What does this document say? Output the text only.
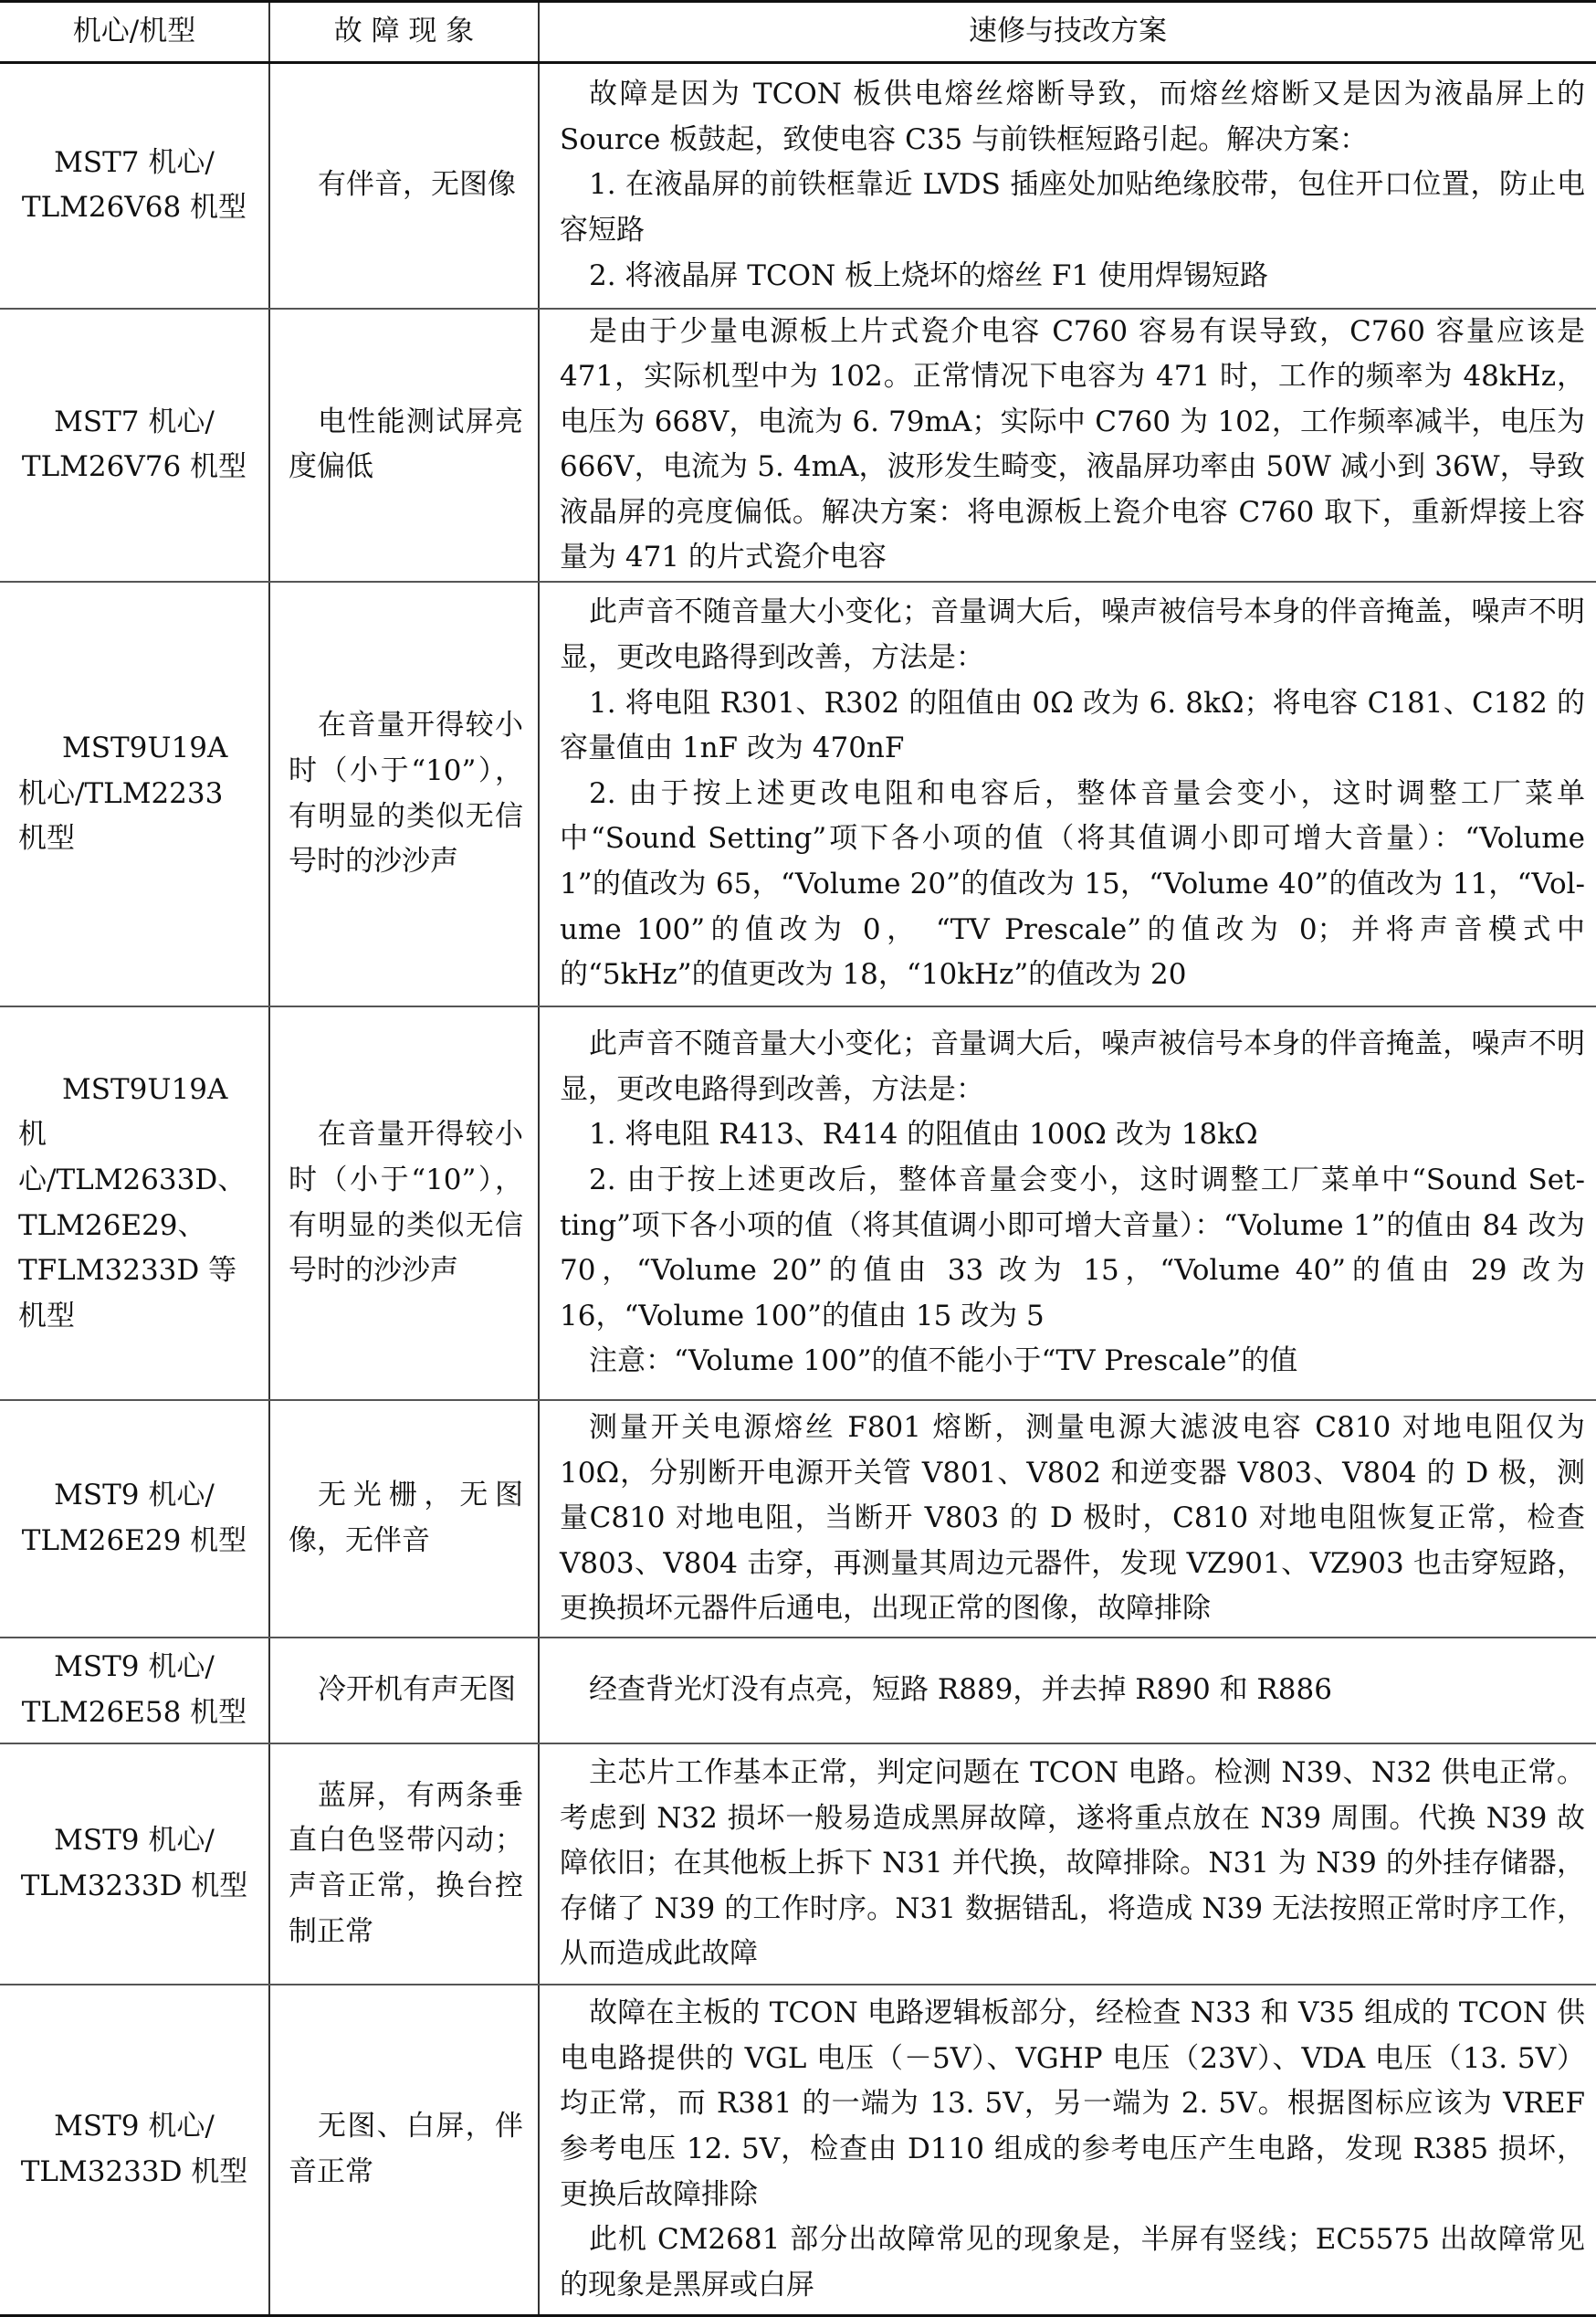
机心/机型	故 障 现 象	速修与技改方案

MST7 机心/
TLM26V68 机型	有伴音，无图像	故障是因为 TCON 板供电熔丝熔断导致，而熔丝熔断又是因为液晶屏上的Source 板鼓起，致使电容 C35 与前铁框短路引起。解决方案：
1. 在液晶屏的前铁框靠近 LVDS 插座处加贴绝缘胶带，包住开口位置，防止电容短路
2. 将液晶屏 TCON 板上烧坏的熔丝 F1 使用焊锡短路

MST7 机心/
TLM26V76 机型	电性能测试屏亮度偏低	是由于少量电源板上片式瓷介电容 C760 容易有误导致，C760 容量应该是471，实际机型中为 102。正常情况下电容为 471 时，工作的频率为 48kHz，电压为 668V，电流为 6. 79mA；实际中 C760 为 102，工作频率减半，电压为666V，电流为 5. 4mA，波形发生畸变，液晶屏功率由 50W 减小到 36W，导致液晶屏的亮度偏低。解决方案：将电源板上瓷介电容 C760 取下，重新焊接上容量为 471 的片式瓷介电容

MST9U19A 机心/TLM2233 机型	在音量开得较小时（小于“10”），有明显的类似无信号时的沙沙声	此声音不随音量大小变化；音量调大后，噪声被信号本身的伴音掩盖，噪声不明显，更改电路得到改善，方法是：
1. 将电阻 R301、R302 的阻值由 0Ω 改为 6. 8kΩ；将电容 C181、C182 的容量值由 1nF 改为 470nF
2. 由于按上述更改电阻和电容后，整体音量会变小，这时调整工厂菜单中“Sound Setting”项下各小项的值（将其值调小即可增大音量）：“Volume 1”的值改为 65，“Volume 20”的值改为 15，“Volume 40”的值改为 11，“Vol-ume 100”的值改为 0， “TV Prescale”的值改为 0；并将声音模式中的“5kHz”的值更改为 18，“10kHz”的值改为 20

MST9U19A 机心/TLM2633D、TLM26E29、TFLM3233D 等机型	在音量开得较小时（小于“10”），有明显的类似无信号时的沙沙声	此声音不随音量大小变化；音量调大后，噪声被信号本身的伴音掩盖，噪声不明显，更改电路得到改善，方法是：
1. 将电阻 R413、R414 的阻值由 100Ω 改为 18kΩ
2. 由于按上述更改后，整体音量会变小，这时调整工厂菜单中“Sound Set-ting”项下各小项的值（将其值调小即可增大音量）：“Volume 1”的值由 84 改为 70，“Volume 20”的值由 33 改为 15，“Volume 40”的值由 29 改为 16，“Volume 100”的值由 15 改为 5
注意：“Volume 100”的值不能小于“TV Prescale”的值

MST9 机心/
TLM26E29 机型	无光栅，无图像，无伴音	测量开关电源熔丝 F801 熔断，测量电源大滤波电容 C810 对地电阻仅为10Ω，分别断开电源开关管 V801、V802 和逆变器 V803、V804 的 D 极，测量C810 对地电阻，当断开 V803 的 D 极时，C810 对地电阻恢复正常，检查V803、V804 击穿，再测量其周边元器件，发现 VZ901、VZ903 也击穿短路，更换损坏元器件后通电，出现正常的图像，故障排除

MST9 机心/
TLM26E58 机型	冷开机有声无图	经查背光灯没有点亮，短路 R889，并去掉 R890 和 R886

MST9 机心/
TLM3233D 机型	蓝屏，有两条垂直白色竖带闪动；声音正常，换台控制正常	主芯片工作基本正常，判定问题在 TCON 电路。检测 N39、N32 供电正常。考虑到 N32 损坏一般易造成黑屏故障，遂将重点放在 N39 周围。代换 N39 故障依旧；在其他板上拆下 N31 并代换，故障排除。N31 为 N39 的外挂存储器，存储了 N39 的工作时序。N31 数据错乱，将造成 N39 无法按照正常时序工作，从而造成此故障

MST9 机心/
TLM3233D 机型	无图、白屏，伴音正常	故障在主板的 TCON 电路逻辑板部分，经检查 N33 和 V35 组成的 TCON 供电电路提供的 VGL 电压（－5V）、VGHP 电压（23V）、VDA 电压（13. 5V）均正常，而 R381 的一端为 13. 5V，另一端为 2. 5V。根据图标应该为 VREF 参考电压 12. 5V，检查由 D110 组成的参考电压产生电路，发现 R385 损坏，更换后故障排除
此机 CM2681 部分出故障常见的现象是，半屏有竖线；EC5575 出故障常见的现象是黑屏或白屏
